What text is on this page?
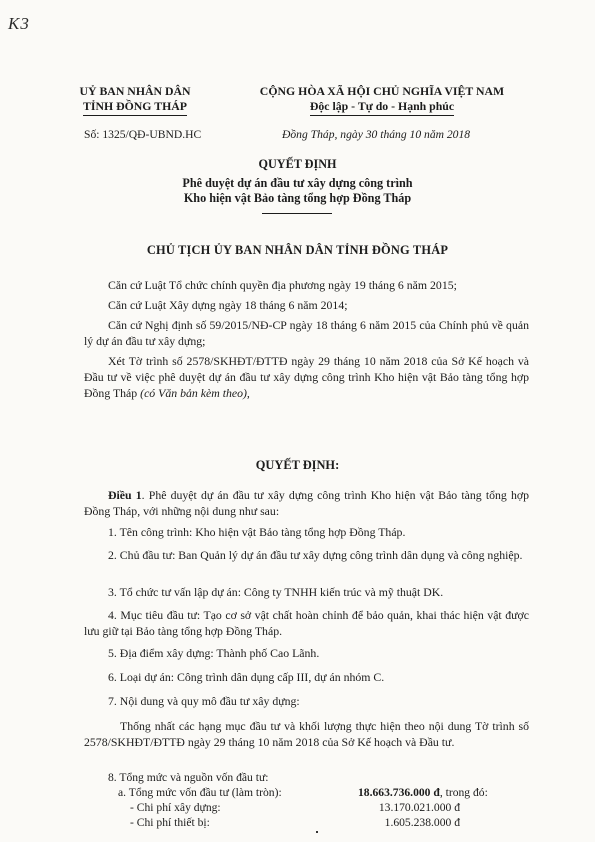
K3
UỶ BAN NHÂN DÂN
TỈNH ĐỒNG THÁP
CỘNG HÒA XÃ HỘI CHỦ NGHĨA VIỆT NAM
Độc lập - Tự do - Hạnh phúc
Số: 1325/QĐ-UBND.HC	Đồng Tháp, ngày 30 tháng 10 năm 2018
QUYẾT ĐỊNH
Phê duyệt dự án đầu tư xây dựng công trình
Kho hiện vật Bảo tàng tổng hợp Đồng Tháp
CHỦ TỊCH ỦY BAN NHÂN DÂN TỈNH ĐỒNG THÁP
Căn cứ Luật Tổ chức chính quyền địa phương ngày 19 tháng 6 năm 2015;
Căn cứ Luật Xây dựng ngày 18 tháng 6 năm 2014;
Căn cứ Nghị định số 59/2015/NĐ-CP ngày 18 tháng 6 năm 2015 của Chính phủ về quản lý dự án đầu tư xây dựng;
Xét Tờ trình số 2578/SKHĐT/ĐTTĐ ngày 29 tháng 10 năm 2018 của Sở Kế hoạch và Đầu tư về việc phê duyệt dự án đầu tư xây dựng công trình Kho hiện vật Bảo tàng tổng hợp Đồng Tháp (có Văn bản kèm theo),
QUYẾT ĐỊNH:
Điều 1. Phê duyệt dự án đầu tư xây dựng công trình Kho hiện vật Bảo tàng tổng hợp Đồng Tháp, với những nội dung như sau:
1. Tên công trình: Kho hiện vật Bảo tàng tổng hợp Đồng Tháp.
2. Chủ đầu tư: Ban Quản lý dự án đầu tư xây dựng công trình dân dụng và công nghiệp.
3. Tổ chức tư vấn lập dự án: Công ty TNHH kiến trúc và mỹ thuật DK.
4. Mục tiêu đầu tư: Tạo cơ sở vật chất hoàn chỉnh để bảo quản, khai thác hiện vật được lưu giữ tại Bảo tàng tổng hợp Đồng Tháp.
5. Địa điểm xây dựng: Thành phố Cao Lãnh.
6. Loại dự án: Công trình dân dụng cấp III, dự án nhóm C.
7. Nội dung và quy mô đầu tư xây dựng:
Thống nhất các hạng mục đầu tư và khối lượng thực hiện theo nội dung Tờ trình số 2578/SKHĐT/ĐTTĐ ngày 29 tháng 10 năm 2018 của Sở Kế hoạch và Đầu tư.
8. Tổng mức và nguồn vốn đầu tư:
a. Tổng mức vốn đầu tư (làm tròn):	18.663.736.000 đ, trong đó:
- Chi phí xây dựng:	13.170.021.000 đ
- Chi phí thiết bị:	1.605.238.000 đ
